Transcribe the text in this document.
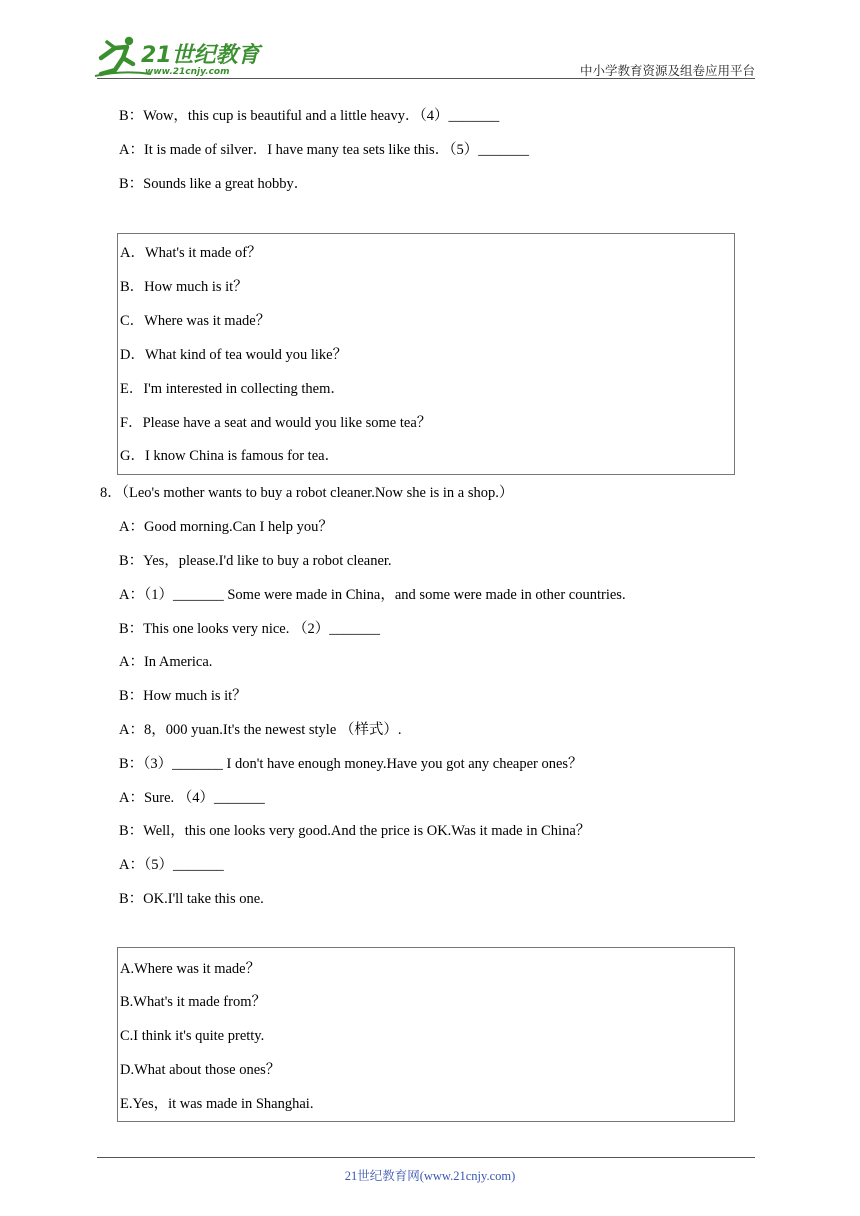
21世纪教育
www.21cnjy.com	中小学教育资源及组卷应用平台
B：Wow，this cup is beautiful and a little heavy．（4）_______
A：It is made of silver．I have many tea sets like this．（5）_______
B：Sounds like a great hobby．
A．What's it made of？
B．How much is it？
C．Where was it made？
D．What kind of tea would you like？
E．I'm interested in collecting them．
F．Please have a seat and would you like some tea？
G．I know China is famous for tea．
8．（Leo's mother wants to buy a robot cleaner.Now she is in a shop.）
A：Good morning.Can I help you？
B：Yes，please.I'd like to buy a robot cleaner.
A：（1）_______ Some were made in China，and some were made in other countries.
B：This one looks very nice. （2）_______
A：In America.
B：How much is it？
A：8，000 yuan.It's the newest style （样式）.
B：（3）_______ I don't have enough money.Have you got any cheaper ones？
A：Sure. （4）_______
B：Well，this one looks very good.And the price is OK.Was it made in China？
A：（5）_______
B：OK.I'll take this one.
A.Where was it made？
B.What's it made from？
C.I think it's quite pretty.
D.What about those ones？
E.Yes，it was made in Shanghai.
21世纪教育网(www.21cnjy.com)
